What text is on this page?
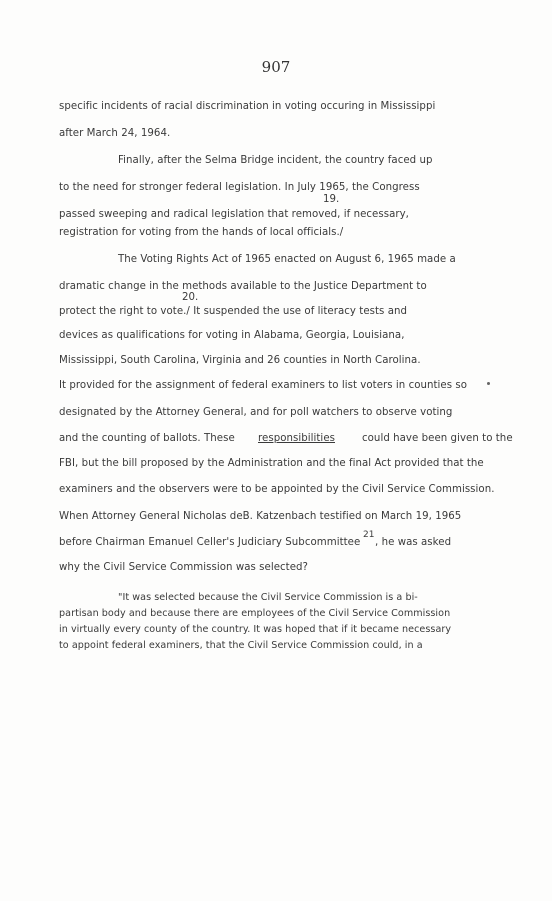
907
specific incidents of racial discrimination in voting occuring in Mississippi
after March 24, 1964.
Finally, after the Selma Bridge incident, the country faced up
to the need for stronger federal legislation. In July 1965, the Congress
passed sweeping and radical legislation that removed, if necessary,
19.
registration for voting from the hands of local officials./
The Voting Rights Act of 1965 enacted on August 6, 1965 made a
dramatic change in the methods available to the Justice Department to
20.
protect the right to vote./ It suspended the use of literacy tests and
devices as qualifications for voting in Alabama, Georgia, Louisiana,
Mississippi, South Carolina, Virginia and 26 counties in North Carolina.
It provided for the assignment of federal examiners to list voters in counties so
designated by the Attorney General, and for poll watchers to observe voting
and the counting of ballots. These responsibilities	could have been given to the
FBI, but the bill proposed by the Administration and the final Act provided that the
examiners and the observers were to be appointed by the Civil Service Commission.
When Attorney General Nicholas deB. Katzenbach testified on March 19, 1965
before Chairman Emanuel Celler's Judiciary Subcommittee
21
, he was asked
why the Civil Service Commission was selected?
"It was selected because the Civil Service Commission is a bi-
partisan body and because there are employees of the Civil Service Commission
in virtually every county of the country. It was hoped that if it became necessary
to appoint federal examiners, that the Civil Service Commission could, in a
